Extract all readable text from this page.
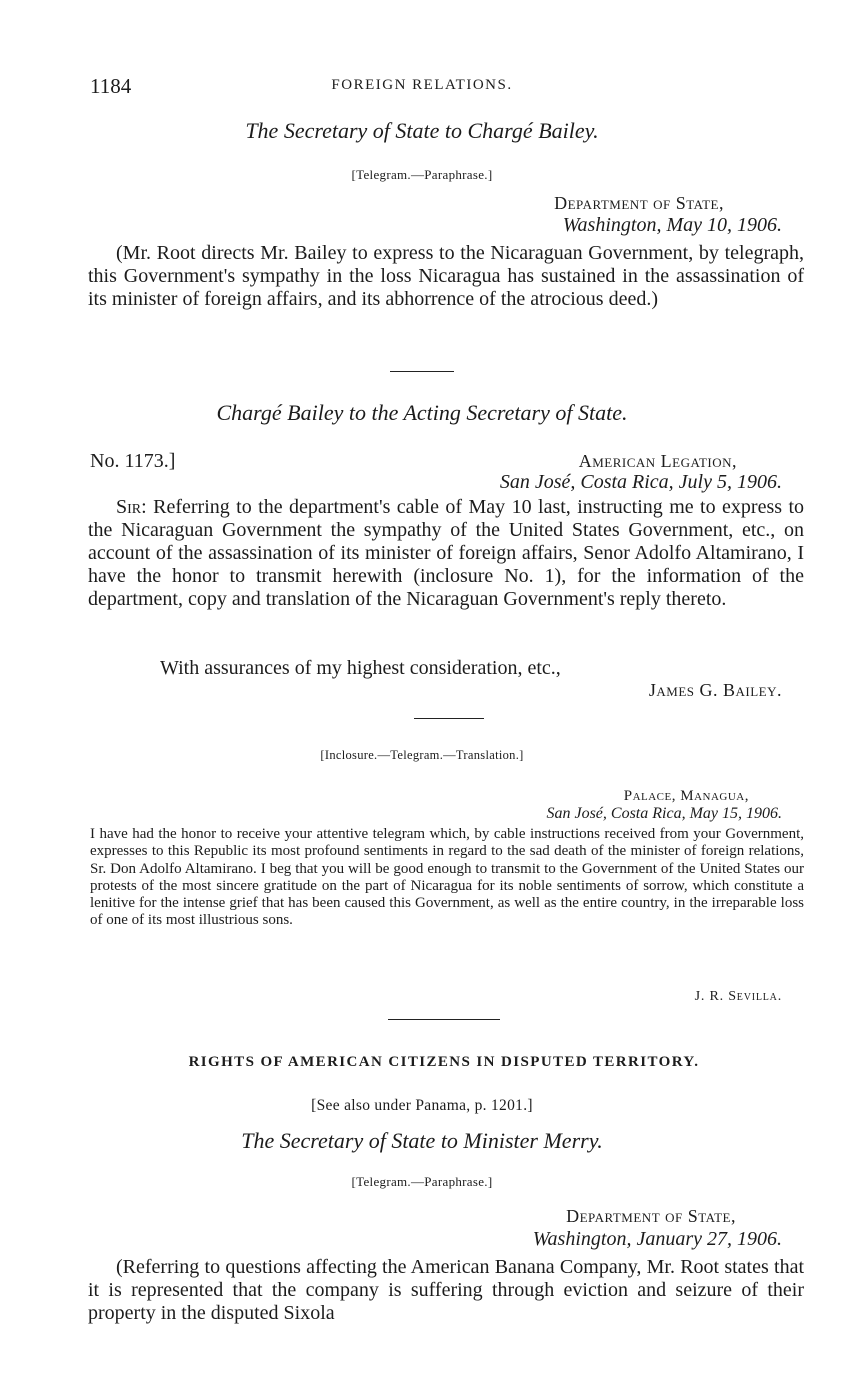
1184	FOREIGN RELATIONS.
The Secretary of State to Chargé Bailey.
[Telegram.—Paraphrase.]
Department of State,
Washington, May 10, 1906.

(Mr. Root directs Mr. Bailey to express to the Nicaraguan Government, by telegraph, this Government's sympathy in the loss Nicaragua has sustained in the assassination of its minister of foreign affairs, and its abhorrence of the atrocious deed.)

Chargé Bailey to the Acting Secretary of State.
No. 1173.]	American Legation,
San José, Costa Rica, July 5, 1906.

Sir: Referring to the department's cable of May 10 last, instructing me to express to the Nicaraguan Government the sympathy of the United States Government, etc., on account of the assassination of its minister of foreign affairs, Senor Adolfo Altamirano, I have the honor to transmit herewith (inclosure No. 1), for the information of the department, copy and translation of the Nicaraguan Government's reply thereto.

With assurances of my highest consideration, etc.,
James G. Bailey.
[Inclosure.—Telegram.—Translation.]
Palace, Managua,
San José, Costa Rica, May 15, 1906.

I have had the honor to receive your attentive telegram which, by cable instructions received from your Government, expresses to this Republic its most profound sentiments in regard to the sad death of the minister of foreign relations, Sr. Don Adolfo Altamirano. I beg that you will be good enough to transmit to the Government of the United States our protests of the most sincere gratitude on the part of Nicaragua for its noble sentiments of sorrow, which constitute a lenitive for the intense grief that has been caused this Government, as well as the entire country, in the irreparable loss of one of its most illustrious sons.

J. R. Sevilla.
RIGHTS OF AMERICAN CITIZENS IN DISPUTED TERRITORY.
[See also under Panama, p. 1201.]
The Secretary of State to Minister Merry.
[Telegram.—Paraphrase.]
Department of State,
Washington, January 27, 1906.

(Referring to questions affecting the American Banana Company, Mr. Root states that it is represented that the company is suffering through eviction and seizure of their property in the disputed Sixola
